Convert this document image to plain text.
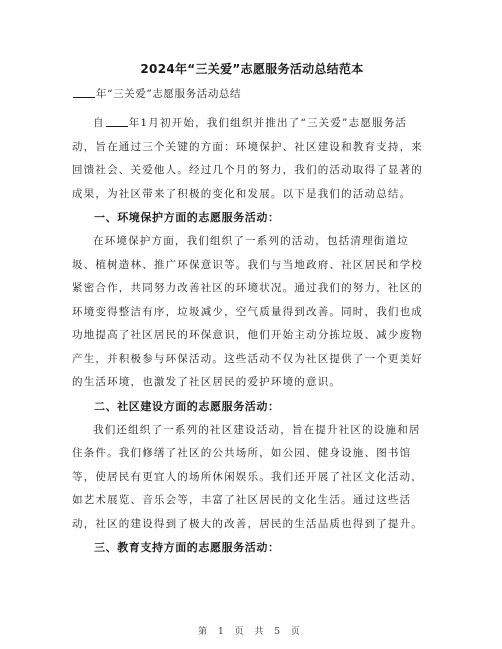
2024年“三关爱”志愿服务活动总结范本
年“三关爱”志愿服务活动总结
自 年1月初开始，我们组织并推出了“三关爱”志愿服务活
动，旨在通过三个关键的方面：环境保护、社区建设和教育支持，来
回馈社会、关爱他人。经过几个月的努力，我们的活动取得了显著的
成果，为社区带来了积极的变化和发展。以下是我们的活动总结。
一、环境保护方面的志愿服务活动：
在环境保护方面，我们组织了一系列的活动，包括清理街道垃
圾、植树造林、推广环保意识等。我们与当地政府、社区居民和学校
紧密合作，共同努力改善社区的环境状况。通过我们的努力，社区的
环境变得整洁有序，垃圾减少，空气质量得到改善。同时，我们也成
功地提高了社区居民的环保意识，他们开始主动分拣垃圾、减少废物
产生，并积极参与环保活动。这些活动不仅为社区提供了一个更美好
的生活环境，也激发了社区居民的爱护环境的意识。
二、社区建设方面的志愿服务活动：
我们还组织了一系列的社区建设活动，旨在提升社区的设施和居
住条件。我们修缮了社区的公共场所，如公园、健身设施、图书馆
等，使居民有更宜人的场所休闲娱乐。我们还开展了社区文化活动，
如艺术展览、音乐会等，丰富了社区居民的文化生活。通过这些活
动，社区的建设得到了极大的改善，居民的生活品质也得到了提升。
三、教育支持方面的志愿服务活动：
第 1 页 共 5 页
